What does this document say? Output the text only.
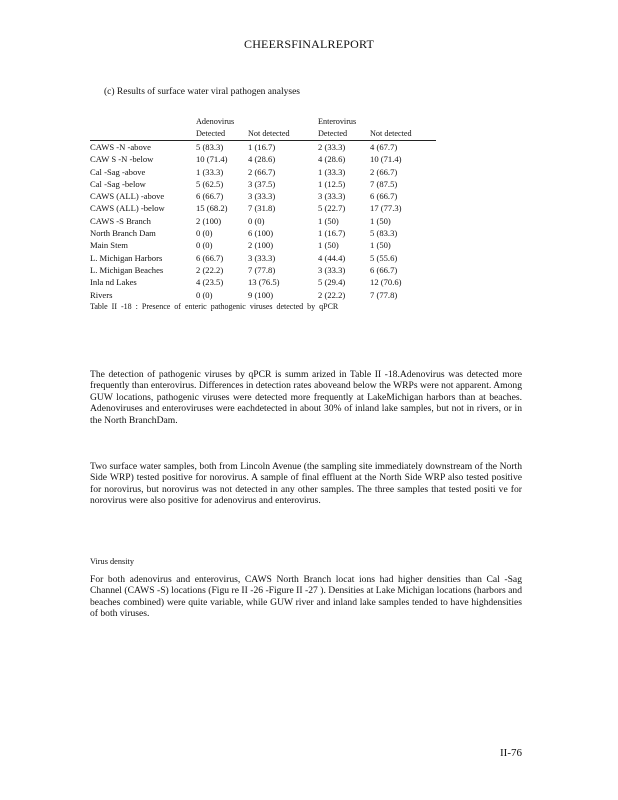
CHEERSFINALREPORT
(c) Results of surface water viral pathogen analyses
	Adenovirus		Enterovirus	
	Detected	Not detected	Detected	Not detected
CAWS -N -above	5 (83.3)	1 (16.7)	2 (33.3)	4 (67.7)
CAW S -N -below	10 (71.4)	4 (28.6)	4 (28.6)	10 (71.4)
Cal -Sag -above	1 (33.3)	2 (66.7)	1 (33.3)	2 (66.7)
Cal -Sag -below	5 (62.5)	3 (37.5)	1 (12.5)	7 (87.5)
CAWS (ALL) -above	6 (66.7)	3 (33.3)	3 (33.3)	6 (66.7)
CAWS (ALL) -below	15 (68.2)	7 (31.8)	5 (22.7)	17 (77.3)
CAWS -S Branch	2 (100)	0 (0)	1 (50)	1 (50)
North Branch Dam	0 (0)	6 (100)	1 (16.7)	5 (83.3)
Main Stem	0 (0)	2 (100)	1 (50)	1 (50)
L. Michigan Harbors	6 (66.7)	3 (33.3)	4 (44.4)	5 (55.6)
L. Michigan Beaches	2 (22.2)	7 (77.8)	3 (33.3)	6 (66.7)
Inla nd Lakes	4 (23.5)	13 (76.5)	5 (29.4)	12 (70.6)
Rivers	0 (0)	9 (100)	2 (22.2)	7 (77.8)
Table II -18 : Presence of enteric pathogenic viruses detected by qPCR

The detection of pathogenic viruses by qPCR is summ arized in Table II -18.Adenovirus was detected more frequently than enterovirus. Differences in detection rates aboveand below the WRPs were not apparent. Among GUW locations, pathogenic viruses were detected more frequently at LakeMichigan harbors than at beaches. Adenoviruses and enteroviruses were eachdetected in about 30% of inland lake samples, but not in rivers, or in the North BranchDam.

Two surface water samples, both from Lincoln Avenue (the sampling site immediately downstream of the North Side WRP) tested positive for norovirus. A sample of final effluent at the North Side WRP also tested positive for norovirus, but norovirus was not detected in any other samples. The three samples that tested positi ve for norovirus were also positive for adenovirus and enterovirus.

Virus density

For both adenovirus and enterovirus, CAWS North Branch locat ions had higher densities than Cal -Sag Channel (CAWS -S) locations (Figu re II -26 -Figure II -27 ). Densities at Lake Michigan locations (harbors and beaches combined) were quite variable, while GUW river and inland lake samples tended to have highdensities of both viruses.

II-76
